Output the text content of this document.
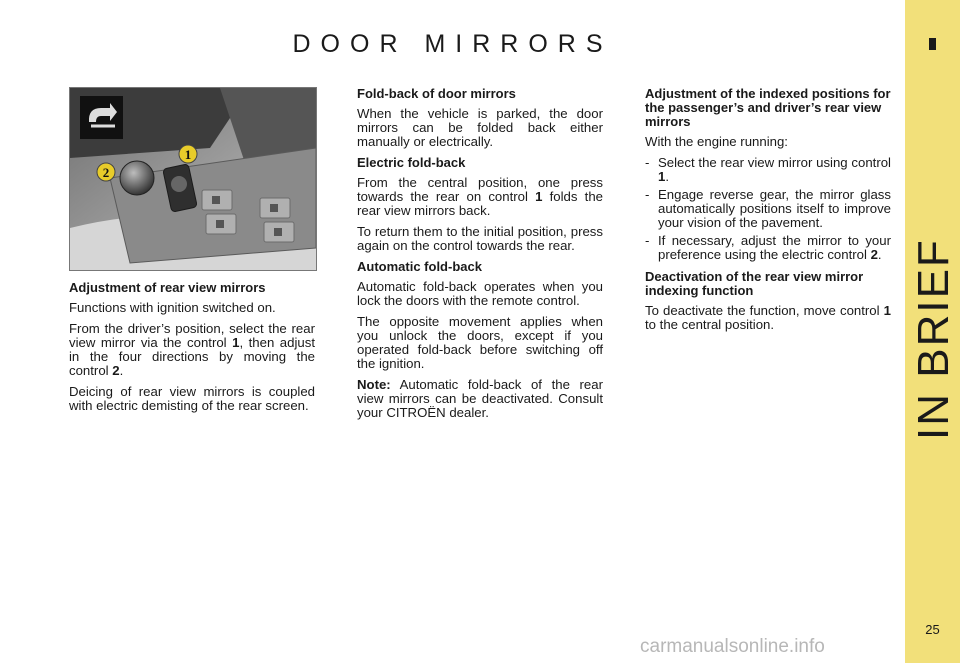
DOOR MIRRORS
IN BRIEF
25
1
2
Adjustment of rear view mirrors

Functions with ignition switched on.

From the driver’s position, select the rear view mirror via the control 1, then adjust in the four directions by moving the control 2.

Deicing of rear view mirrors is coupled with electric demisting of the rear screen.

Fold-back of door mirrors

When the vehicle is parked, the door mirrors can be folded back either manually or electrically.

Electric fold-back

From the central position, one press towards the rear on control 1 folds the rear view mirrors back.

To return them to the initial position, press again on the control towards the rear.

Automatic fold-back

Automatic fold-back operates when you lock the doors with the remote control.

The opposite movement applies when you unlock the doors, except if you operated fold-back before switching off the ignition.

Note: Automatic fold-back of the rear view mirrors can be deactivated. Consult your CITROËN dealer.

Adjustment of the indexed positions for the passenger’s and driver’s rear view mirrors

With the engine running:

- Select the rear view mirror using control 1.
- Engage reverse gear, the mirror glass automatically positions itself to improve your vision of the pavement.
- If necessary, adjust the mirror to your preference using the electric control 2.
Deactivation of the rear view mirror indexing function

To deactivate the function, move control 1 to the central position.

carmanualsonline.info
